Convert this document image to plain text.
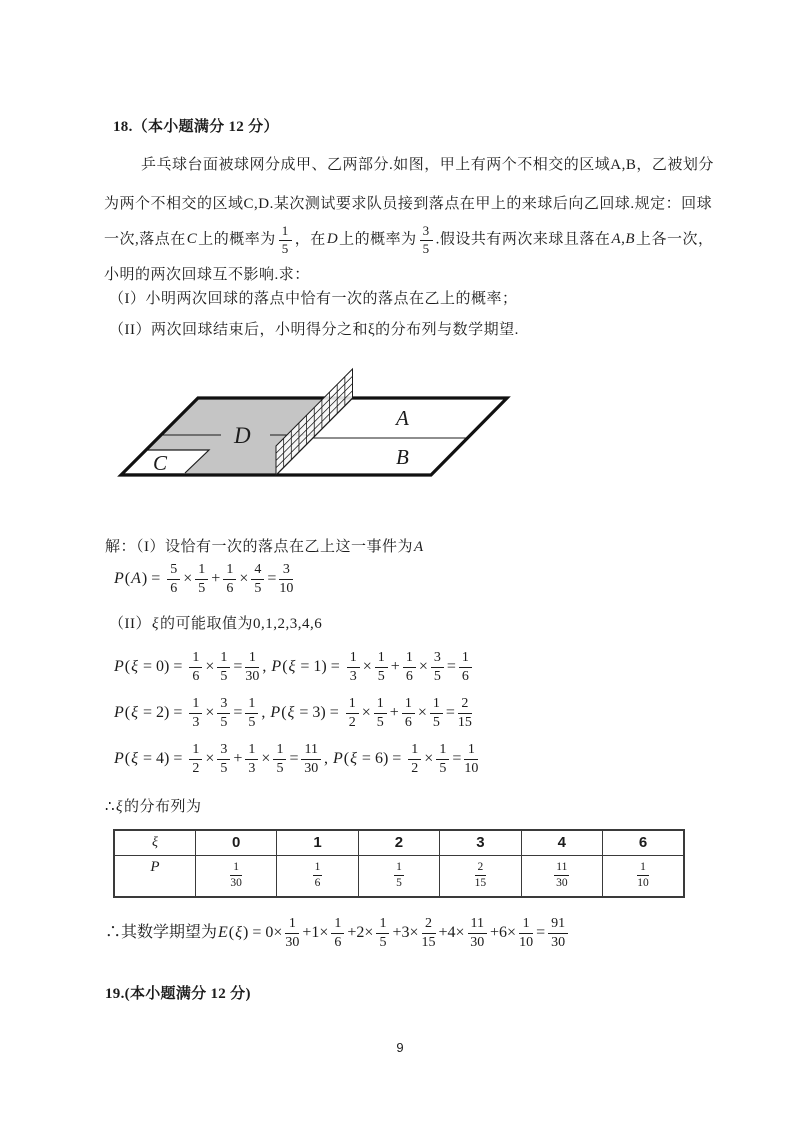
18.（本小题满分 12 分）
乒乓球台面被球网分成甲、乙两部分.如图，甲上有两个不相交的区域A,B，乙被划分
为两个不相交的区域C,D.某次测试要求队员接到落点在甲上的来球后向乙回球.规定：回球
一次,落点在C上的概率为 $\frac{1}{5}$ ，在D上的概率为 $\frac{3}{5}$ .假设共有两次来球且落在A,B上各一次，
小明的两次回球互不影响.求：
（I）小明两次回球的落点中恰有一次的落点在乙上的概率；
（II）两次回球结束后，小明得分之和ξ的分布列与数学期望.
A
B
C
D
解：（I）设恰有一次的落点在乙上这一事件为A
$P(A) = \frac{5}{6} \times \frac{1}{5} + \frac{1}{6} \times \frac{4}{5} = \frac{3}{10}$
（II）ξ的可能取值为0,1,2,3,4,6
$P(\xi = 0) = \frac{1}{6} \times \frac{1}{5} = \frac{1}{30}$ , $P(\xi = 1) = \frac{1}{3} \times \frac{1}{5} + \frac{1}{6} \times \frac{3}{5} = \frac{1}{6}$
$P(\xi = 2) = \frac{1}{3} \times \frac{3}{5} = \frac{1}{5}$ , $P(\xi = 3) = \frac{1}{2} \times \frac{1}{5} + \frac{1}{6} \times \frac{1}{5} = \frac{2}{15}$
$P(\xi = 4) = \frac{1}{2} \times \frac{3}{5} + \frac{1}{3} \times \frac{1}{5} = \frac{11}{30}$ , $P(\xi = 6) = \frac{1}{2} \times \frac{1}{5} = \frac{1}{10}$
∴ξ的分布列为
ξ	0	1	2	3	4	6
P	$\frac{1}{30}$	$\frac{1}{6}$	$\frac{1}{5}$	$\frac{2}{15}$	$\frac{11}{30}$	$\frac{1}{10}$
∴其数学期望为$E(\xi) = 0\times \frac{1}{30} +1\times \frac{1}{6} +2\times \frac{1}{5} +3\times \frac{2}{15} +4\times \frac{11}{30} +6\times \frac{1}{10} = \frac{91}{30}$
19.(本小题满分 12 分)
9
